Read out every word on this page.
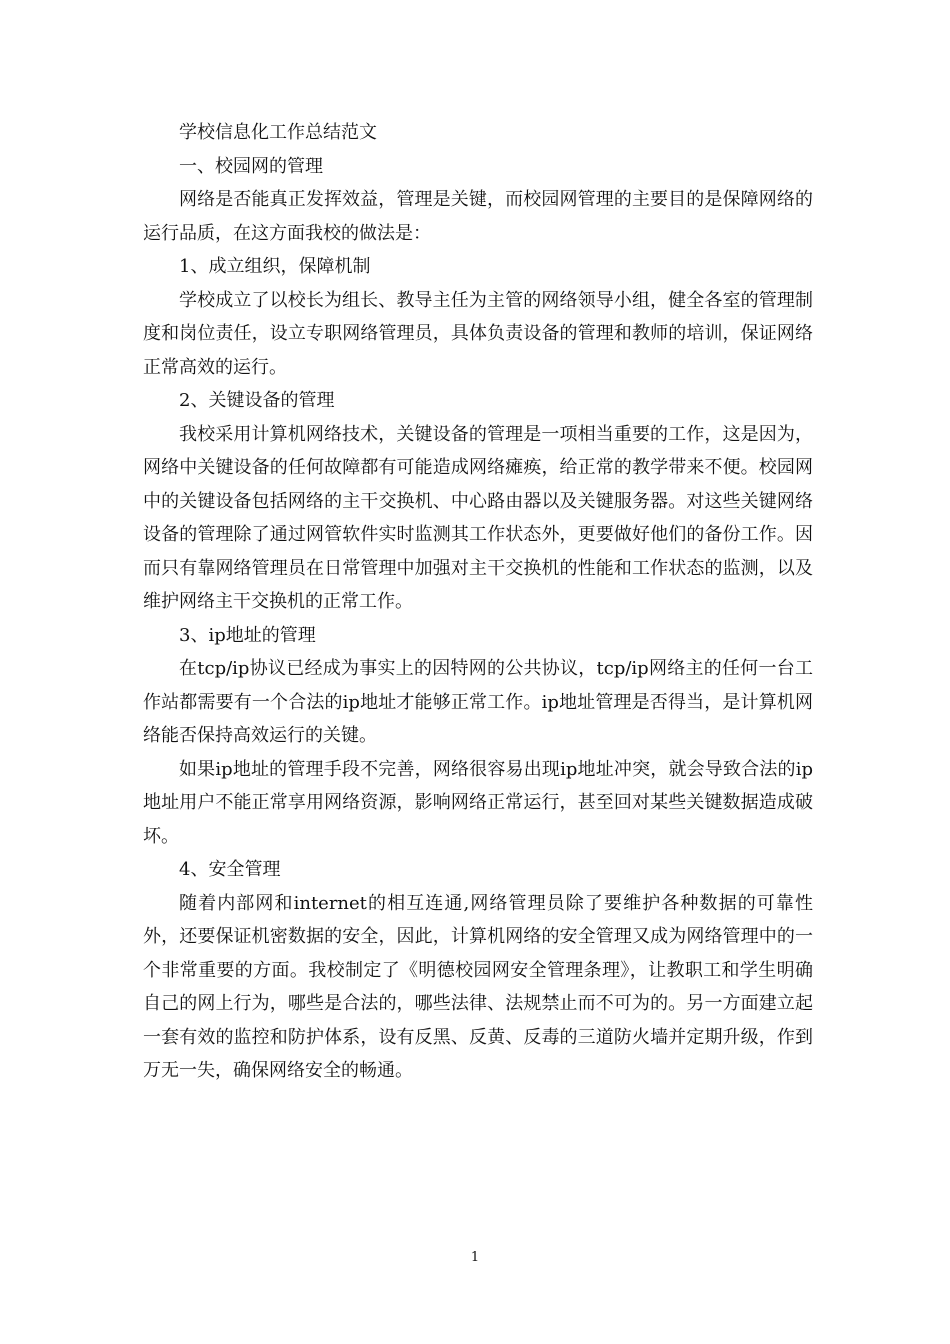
学校信息化工作总结范文

一、校园网的管理

网络是否能真正发挥效益，管理是关键，而校园网管理的主要目的是保障网络的运行品质，在这方面我校的做法是：

1、成立组织，保障机制

学校成立了以校长为组长、教导主任为主管的网络领导小组，健全各室的管理制度和岗位责任，设立专职网络管理员，具体负责设备的管理和教师的培训，保证网络正常高效的运行。

2、关键设备的管理

我校采用计算机网络技术，关键设备的管理是一项相当重要的工作，这是因为，网络中关键设备的任何故障都有可能造成网络瘫痪，给正常的教学带来不便。校园网中的关键设备包括网络的主干交换机、中心路由器以及关键服务器。对这些关键网络设备的管理除了通过网管软件实时监测其工作状态外，更要做好他们的备份工作。因而只有靠网络管理员在日常管理中加强对主干交换机的性能和工作状态的监测，以及维护网络主干交换机的正常工作。

3、ip地址的管理

在tcp/ip协议已经成为事实上的因特网的公共协议，tcp/ip网络主的任何一台工作站都需要有一个合法的ip地址才能够正常工作。ip地址管理是否得当，是计算机网络能否保持高效运行的关键。

如果ip地址的管理手段不完善，网络很容易出现ip地址冲突，就会导致合法的ip地址用户不能正常享用网络资源，影响网络正常运行，甚至回对某些关键数据造成破坏。

4、安全管理

随着内部网和internet的相互连通,网络管理员除了要维护各种数据的可靠性外，还要保证机密数据的安全，因此，计算机网络的安全管理又成为网络管理中的一个非常重要的方面。我校制定了《明德校园网安全管理条理》，让教职工和学生明确自己的网上行为，哪些是合法的，哪些法律、法规禁止而不可为的。另一方面建立起一套有效的监控和防护体系，设有反黑、反黄、反毒的三道防火墙并定期升级，作到万无一失，确保网络安全的畅通。

1
